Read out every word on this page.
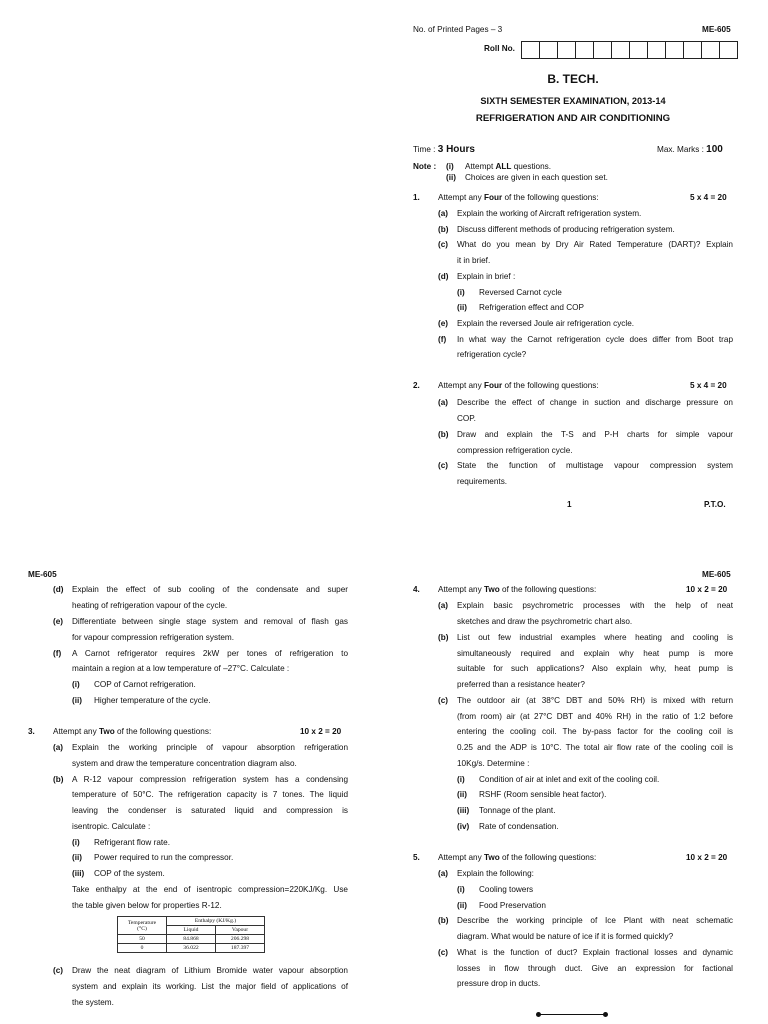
No. of Printed Pages – 3	ME-605
Roll No.
B. TECH.
SIXTH SEMESTER EXAMINATION, 2013-14
REFRIGERATION AND AIR CONDITIONING
Time : 3 Hours	Max. Marks : 100
Note : (i) Attempt ALL questions.
(ii) Choices are given in each question set.
1. Attempt any Four of the following questions:	5 x 4 = 20
(a) Explain the working of Aircraft refrigeration system.
(b) Discuss different methods of producing refrigeration system.
(c) What do you mean by Dry Air Rated Temperature (DART)? Explain
it in brief.
(d) Explain in brief :
(i) Reversed Carnot cycle
(ii) Refrigeration effect and COP
(e) Explain the reversed Joule air refrigeration cycle.
(f) In what way the Carnot refrigeration cycle does differ from Boot trap
refrigeration cycle?
2. Attempt any Four of the following questions:	5 x 4 = 20
(a) Describe the effect of change in suction and discharge pressure on
COP.
(b) Draw and explain the T-S and P-H charts for simple vapour
compression refrigeration cycle.
(c) State the function of multistage vapour compression system
requirements.
1	P.T.O.
ME-605
(d) Explain the effect of sub cooling of the condensate and super
heating of refrigeration vapour of the cycle.
(e) Differentiate between single stage system and removal of flash gas
for vapour compression refrigeration system.
(f) A Carnot refrigerator requires 2kW per tones of refrigeration to
maintain a region at a low temperature of –27°C. Calculate :
(i) COP of Carnot refrigeration.
(ii) Higher temperature of the cycle.
3. Attempt any Two of the following questions:	10 x 2 = 20
(a) Explain the working principle of vapour absorption refrigeration
system and draw the temperature concentration diagram also.
(b) A R-12 vapour compression refrigeration system has a condensing
temperature of 50°C. The refrigeration capacity is 7 tones. The liquid
leaving the condenser is saturated liquid and compression is
isentropic. Calculate :
(i) Refrigerant flow rate.
(ii) Power required to run the compressor.
(iii) COP of the system.
Take enthalpy at the end of isentropic compression=220KJ/Kg. Use
the table given below for properties R-12.
Temperature
(°C)	Enthalpy (KJ/Kg.)	
	Liquid	Vapour
50	84.868	206.298
0	36.022	187.397
(c) Draw the neat diagram of Lithium Bromide water vapour absorption
system and explain its working. List the major field of applications of
the system.
ME-605
4. Attempt any Two of the following questions:	10 x 2 = 20
(a) Explain basic psychrometric processes with the help of neat
sketches and draw the psychrometric chart also.
(b) List out few industrial examples where heating and cooling is
simultaneously required and explain why heat pump is more
suitable for such applications? Also explain why, heat pump is
preferred than a resistance heater?
(c) The outdoor air (at 38°C DBT and 50% RH) is mixed with return
(from room) air (at 27°C DBT and 40% RH) in the ratio of 1:2 before
entering the cooling coil. The by-pass factor for the cooling coil is
0.25 and the ADP is 10°C. The total air flow rate of the cooling coil is
10Kg/s. Determine :
(i) Condition of air at inlet and exit of the cooling coil.
(ii) RSHF (Room sensible heat factor).
(iii) Tonnage of the plant.
(iv) Rate of condensation.
5. Attempt any Two of the following questions:	10 x 2 = 20
(a) Explain the following:
(i) Cooling towers
(ii) Food Preservation
(b) Describe the working principle of Ice Plant with neat schematic
diagram. What would be nature of ice if it is formed quickly?
(c) What is the function of duct? Explain fractional losses and dynamic
losses in flow through duct. Give an expression for factional
pressure drop in ducts.
